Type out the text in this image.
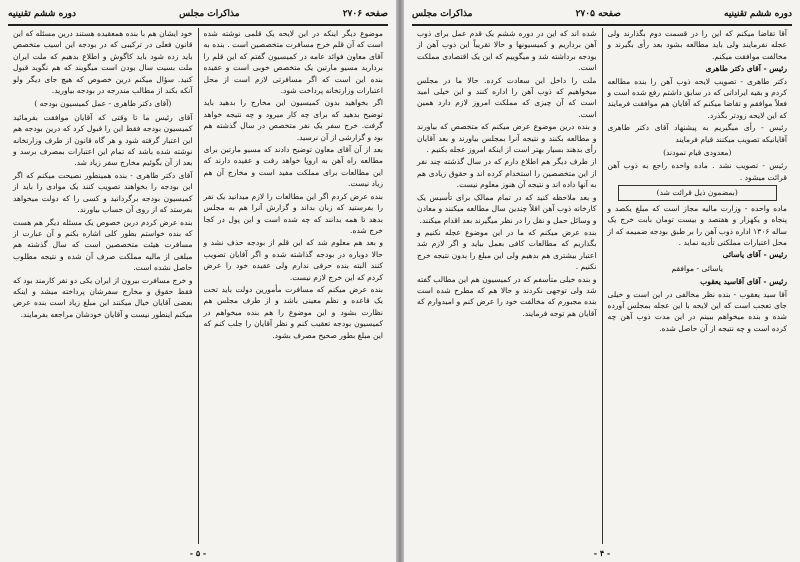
صفحه ۲۷۰۶
مذاكرات مجلس
دوره ششم تقنینیه

موضوع دیگر اینکه در این لایحه یک قلمی نوشته شده است که آن قلم خرج مسافرت متخصصین است . بنده به آقای معاون فوائد عامه در کمیسیون گفتم که این قلم را بردارید مسیو مارتین یک متخصص خوبی است و عقیده بنده این است که اگر مسافرتی لازم است از محل اعتبارات وزارتخانه پرداخت شود.

اگر بخواهید بدون کمیسیون این مخارج را بدهید باید توضیح بدهید که برای چه کار میرود و چه نتیجه خواهد گرفت. خرج سفر یک نفر متخصص در سال گذشته هم بود و گزارشی از آن نرسید.

بعد از آن آقای معاون توضیح دادند که مسیو مارتین برای مطالعه راه آهن به اروپا خواهد رفت و عقیده دارند که این مطالعات برای مملکت مفید است و مخارج آن هم زیاد نیست.

بنده عرض کردم اگر این مطالعات را لازم میدانید یک نفر را بفرستید که زبان بداند و گزارش آنرا هم به مجلس بدهد تا همه بدانند که چه شده است و این پول در کجا خرج شده.

و بعد هم معلوم شد که این قلم از بودجه حذف نشد و حالا دوباره در بودجه گذاشته شده و اگر آقایان تصویب کنند البته بنده حرفی ندارم ولی عقیده خود را عرض کردم که این خرج لازم نیست.

بنده عرض میکنم که مسافرت مأمورین دولت باید تحت یک قاعده و نظم معینی باشد و از طرف مجلس هم نظارت بشود و این موضوع را هم بنده میخواهم در کمیسیون بودجه تعقیب کنم و نظر آقایان را جلب کنم که این مبلغ بطور صحیح مصرف بشود.

خود ایشان هم با بنده همعقیده هستند درین مسئله که این قانون فعلی در ترکیبی که در بودجه این اسیب متخصص باید زده شود باید کاگوش و اطلاع بدهیم که ملت ایران ملت بسیت سال بودن است میگویند که هم نگوید قبول کنید. سؤال میکنم درین خصوص که هیچ جای دیگر ولو آنکه بکند از مطالب مندرجه در بودجه بیاورید.

(آقای دکتر طاهری - عمل کمیسیون بودجه )

آقای رئیس ما تا وقتی که آقایان موافقت بفرمائید کمیسیون بودجه فقط این را قبول کرد که درین بودجه هم این اعتبار گرفته شود و هر گاه قانون از طرف وزارتخانه نوشته شده باشد که تمام این اعتبارات بمصرف برسد و بعد از آن بگوئیم مخارج سفر زیاد شد.

آقای دکتر طاهری - بنده همینطور نصیحت میکنم که اگر این بودجه را بخواهند تصویب کنند یک موادی را باید از کمیسیون بودجه برگردانید و کسی را که دولت میخواهد بفرستد که از روی آن حساب بیاورند.

بنده عرض کردم درین خصوص یک مسئله دیگر هم هست که بنده خواستم بطور کلی اشاره بکنم و آن عبارت از مسافرت هیئت متخصصین است که سال گذشته هم مبلغی از مالیه مملکت صرف آن شده و نتیجه مطلوب حاصل نشده است.

و خرج مسافرت بیرون از ایران یکی دو نفر کارمند بود که فقط حقوق و مخارج سفرشان پرداخته میشد و اینکه بعضی آقایان خیال میکنند این مبلغ زیاد است بنده عرض میکنم اینطور نیست و آقایان خودشان مراجعه بفرمایند.

- ۵ -
دوره ششم تقنینیه
صفحه ۲۷۰۵
مذاكرات مجلس

آقا تقاضا میکنم که این را در قسمت دوم بگذارند ولی عجله نفرمایند ولی باید مطالعه بشود بعد رأی بگیرند و مخالفت موافقت میکنم.

رئیس - آقای دکتر طاهری

دکتر طاهری - تصویب لایحه ذوب آهن را بنده مطالعه کردم و بقیه ایراداتی که در سابق داشتم رفع شده است و فعلاً موافقم و تقاضا میکنم که آقایان هم موافقت فرمایند که این لایحه زودتر بگذرد.

رئیس - رأی میگیریم به پیشنهاد آقای دکتر طاهری آقایانیکه تصویب میکنند قیام فرمایند

(معدودی قیام نمودند)

رئیس - تصویب نشد . ماده واحده راجع به ذوب آهن قرائت میشود .

(بمضمون ذیل قرائت شد)

ماده واحده - وزارت مالیه مجاز است که مبلغ یکصد و پنجاه و یکهزار و هفتصد و بیست تومان بابت خرج یک ساله ۱۳۰۶ اداره ذوب آهن را بر طبق بودجه ضمیمه که از محل اعتبارات مملکتی تأدیه نماید .

رئیس - آقای یاسائی

یاسائی - موافقم

رئیس - آقای آقاسید یعقوب

آقا سید یعقوب - بنده نظر مخالفی در این است و خیلی جای تعجب است که این لایحه با این عجله بمجلس آورده شده و بنده میخواهم ببینم در این مدت ذوب آهن چه کرده است و چه نتیجه از آن حاصل شده.

شده اند که این در دوره ششم یک قدم عمل برای ذوب آهن برداریم و کمیسیونها و حالا تقریباً این ذوب آهن از بودجه برداشته شد و میگوییم که این یک اقتصادی مملکت است.

ملت را داخل این سعادت کرده. حالا ما در مجلس میخواهیم که ذوب آهن را اداره کنند و این خیلی امید است که آن چیزی که مملکت امروز لازم دارد همین است.

و بنده درین موضوع عرض میکنم که متخصص که بیاورند و مطالعه بکنند و نتیجه آنرا بمجلس بیاورند و بعد آقایان رأی بدهند بسیار بهتر است از اینکه امروز عجله بکنیم .

از طرف دیگر هم اطلاع دارم که در سال گذشته چند نفر از این متخصصین را استخدام کرده اند و حقوق زیادی هم به آنها داده اند و نتیجه آن هنوز معلوم نیست.

و بعد ملاحظه کنید که در تمام ممالک برای تأسیس یک کارخانه ذوب آهن اقلاً چندین سال مطالعه میکنند و معادن و وسائل حمل و نقل را در نظر میگیرند بعد اقدام میکنند.

بنده عرض میکنم که ما در این موضوع عجله نکنیم و بگذاریم که مطالعات کافی بعمل بیاید و اگر لازم شد اعتبار بیشتری هم بدهیم ولی این مبلغ را بدون نتیجه خرج نکنیم .

و بنده خیلی متأسفم که در کمیسیون هم این مطالب گفته شد ولی توجهی نکردند و حالا هم که مطرح شده است بنده مجبورم که مخالفت خود را عرض کنم و امیدوارم که آقایان هم توجه فرمایند.

- ۴ -
